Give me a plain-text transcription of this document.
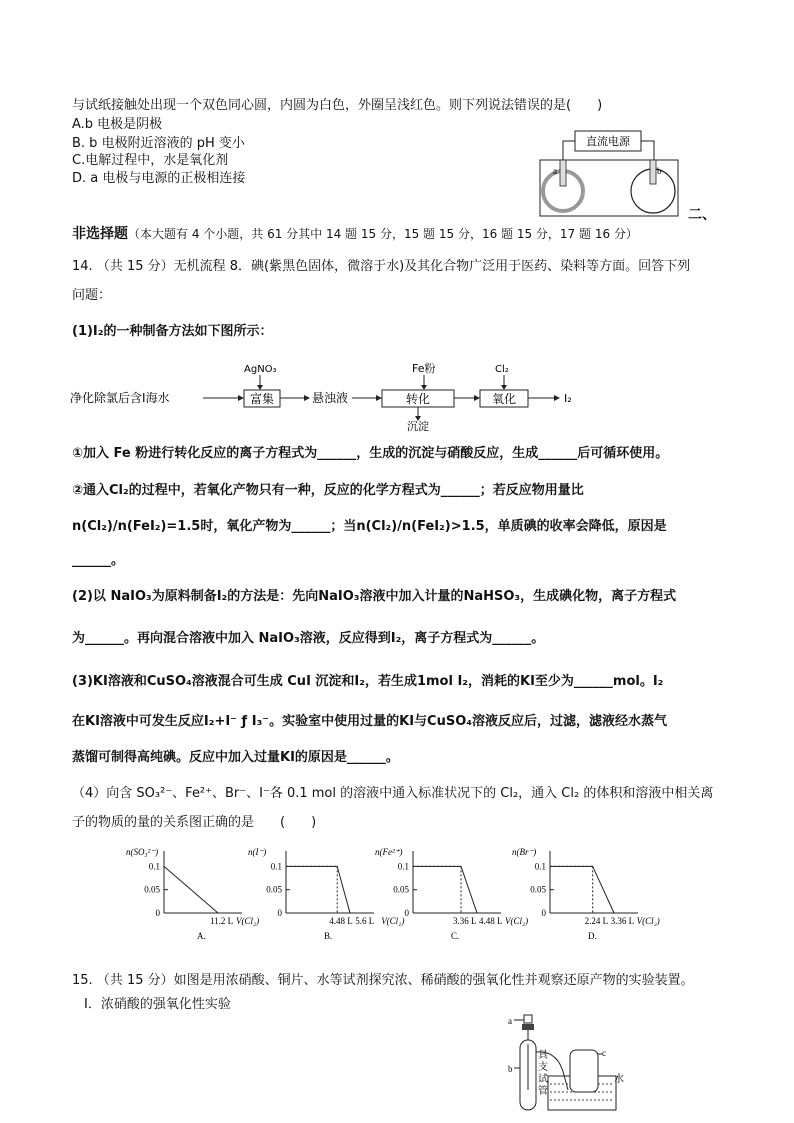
与试纸接触处出现一个双色同心圆，内圆为白色，外圈呈浅红色。则下列说法错误的是(　　)
A.b 电极是阴极
B. b 电极附近溶液的 pH 变小
C.电解过程中，水是氧化剂
D. a 电极与电源的正极相连接
直流电源
a	b
二、
非选择题（本大题有 4 个小题，共 61 分其中 14 题 15 分，15 题 15 分，16 题 15 分，17 题 16 分）
14. （共 15 分）无机流程 8．碘(紫黑色固体，微溶于水)及其化合物广泛用于医药、染料等方面。回答下列
问题：
(1)I₂的一种制备方法如下图所示：
净化除氯后含I海水
AgNO₃
富集	悬浊液
Fe粉
转化
沉淀
Cl₂
氧化	I₂
①加入 Fe 粉进行转化反应的离子方程式为______，生成的沉淀与硝酸反应，生成______后可循环使用。
②通入Cl₂的过程中，若氧化产物只有一种，反应的化学方程式为______；若反应物用量比
n(Cl₂)/n(FeI₂)=1.5时，氧化产物为______；当n(Cl₂)/n(FeI₂)>1.5，单质碘的收率会降低，原因是
______。
(2)以 NaIO₃为原料制备I₂的方法是：先向NaIO₃溶液中加入计量的NaHSO₃，生成碘化物，离子方程式
为______。再向混合溶液中加入 NaIO₃溶液，反应得到I₂，离子方程式为______。
(3)KI溶液和CuSO₄溶液混合可生成 CuI 沉淀和I₂，若生成1mol I₂，消耗的KI至少为______mol。I₂
在KI溶液中可发生反应I₂+I⁻ ƒ I₃⁻。实验室中使用过量的KI与CuSO₄溶液反应后，过滤，滤液经水蒸气
蒸馏可制得高纯碘。反应中加入过量KI的原因是______。
（4）向含 SO₃²⁻、Fe²⁺、Br⁻、I⁻各 0.1 mol 的溶液中通入标准状况下的 Cl₂，通入 Cl₂ 的体积和溶液中相关离
子的物质的量的关系图正确的是　　(　　)
n(SO₃²⁻)
0.1
0.05
0
11.2 L V(Cl₂)
A.
n(I⁻)
0.1
0.05
0
4.48 L 5.6 L V(Cl₂)
B.
n(Fe²⁺)
0.1
0.05
0
3.36 L 4.48 L V(Cl₂)
C.
n(Br⁻)
0.1
0.05
0
2.24 L 3.36 L V(Cl₂)
D.
15. （共 15 分）如图是用浓硝酸、铜片、水等试剂探究浓、稀硝酸的强氧化性并观察还原产物的实验装置。
Ⅰ．浓硝酸的强氧化性实验
a
b
具
支
试
管
c
水
